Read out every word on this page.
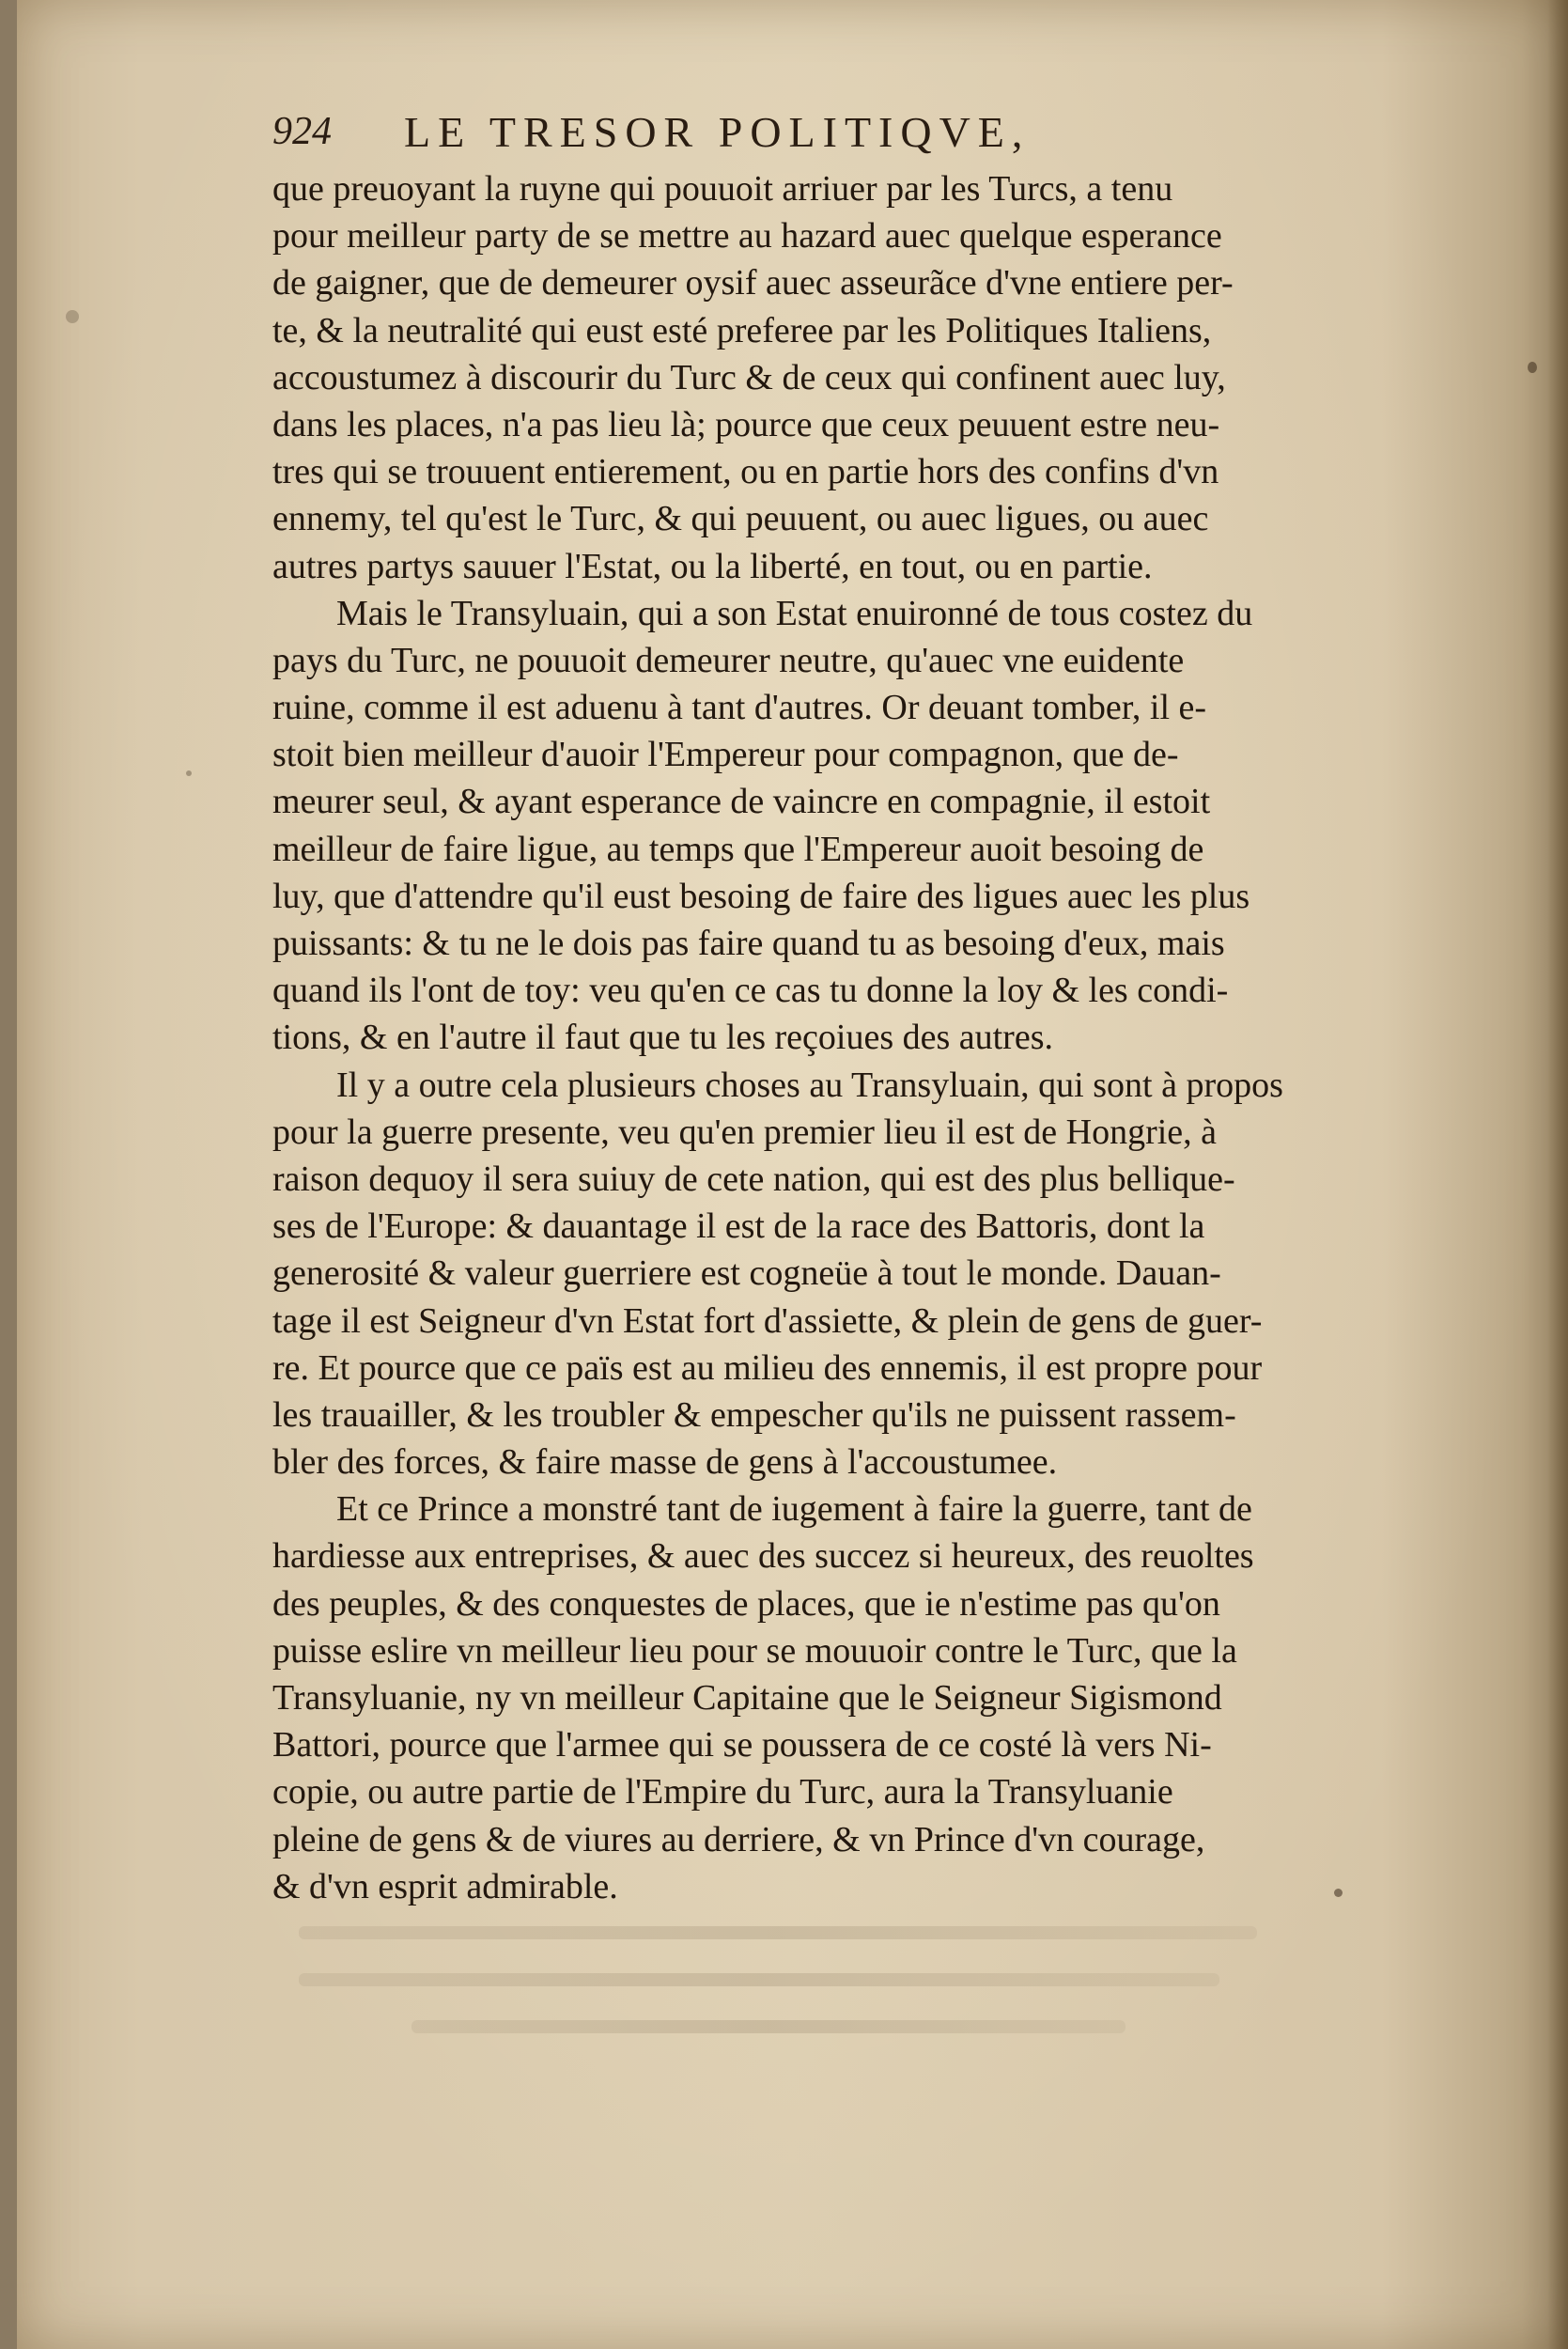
924 LE TRESOR POLITIQVE,
que preuoyant la ruyne qui pouuoit arriuer par les Turcs, a tenu
pour meilleur party de se mettre au hazard auec quelque esperance
de gaigner, que de demeurer oysif auec asseurãce d'vne entiere per-
te, & la neutralité qui eust esté preferee par les Politiques Italiens,
accoustumez à discourir du Turc & de ceux qui confinent auec luy,
dans les places, n'a pas lieu là; pource que ceux peuuent estre neu-
tres qui se trouuent entierement, ou en partie hors des confins d'vn
ennemy, tel qu'est le Turc, & qui peuuent, ou auec ligues, ou auec
autres partys sauuer l'Estat, ou la liberté, en tout, ou en partie.
Mais le Transyluain, qui a son Estat enuironné de tous costez du
pays du Turc, ne pouuoit demeurer neutre, qu'auec vne euidente
ruine, comme il est aduenu à tant d'autres. Or deuant tomber, il e-
stoit bien meilleur d'auoir l'Empereur pour compagnon, que de-
meurer seul, & ayant esperance de vaincre en compagnie, il estoit
meilleur de faire ligue, au temps que l'Empereur auoit besoing de
luy, que d'attendre qu'il eust besoing de faire des ligues auec les plus
puissants: & tu ne le dois pas faire quand tu as besoing d'eux, mais
quand ils l'ont de toy: veu qu'en ce cas tu donne la loy & les condi-
tions, & en l'autre il faut que tu les reçoiues des autres.
Il y a outre cela plusieurs choses au Transyluain, qui sont à propos
pour la guerre presente, veu qu'en premier lieu il est de Hongrie, à
raison dequoy il sera suiuy de cete nation, qui est des plus bellique-
ses de l'Europe: & dauantage il est de la race des Battoris, dont la
generosité & valeur guerriere est cogneüe à tout le monde. Dauan-
tage il est Seigneur d'vn Estat fort d'assiette, & plein de gens de guer-
re. Et pource que ce païs est au milieu des ennemis, il est propre pour
les trauailler, & les troubler & empescher qu'ils ne puissent rassem-
bler des forces, & faire masse de gens à l'accoustumee.
Et ce Prince a monstré tant de iugement à faire la guerre, tant de
hardiesse aux entreprises, & auec des succez si heureux, des reuoltes
des peuples, & des conquestes de places, que ie n'estime pas qu'on
puisse eslire vn meilleur lieu pour se mouuoir contre le Turc, que la
Transyluanie, ny vn meilleur Capitaine que le Seigneur Sigismond
Battori, pource que l'armee qui se poussera de ce costé là vers Ni-
copie, ou autre partie de l'Empire du Turc, aura la Transyluanie
pleine de gens & de viures au derriere, & vn Prince d'vn courage,
& d'vn esprit admirable.
